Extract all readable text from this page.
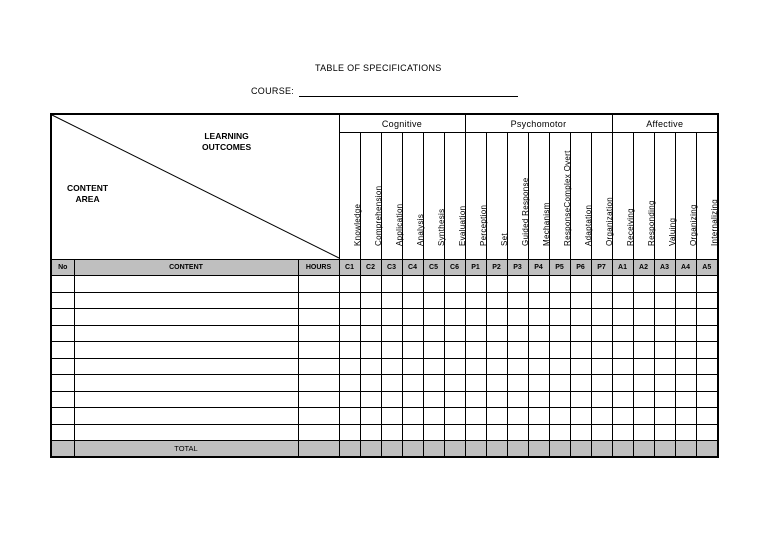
TABLE OF SPECIFICATIONS
COURSE:
LEARNING
OUTCOMES
CONTENT
AREA			Cognitive						Psychomotor							Affective				

			Knowledge	Comprehension	Application	Analysis	Synthesis	Evaluation	Perception	Set	Guided Response	Mechanism	ResponseComplex Overt	Adaptation	Organization	Receiving	Responding	Valuing	Organizing	Internalizing

No	CONTENT	HOURS	C1	C2	C3	C4	C5	C6	P1	P2	P3	P4	P5	P6	P7	A1	A2	A3	A4	A5

	TOTAL																			
